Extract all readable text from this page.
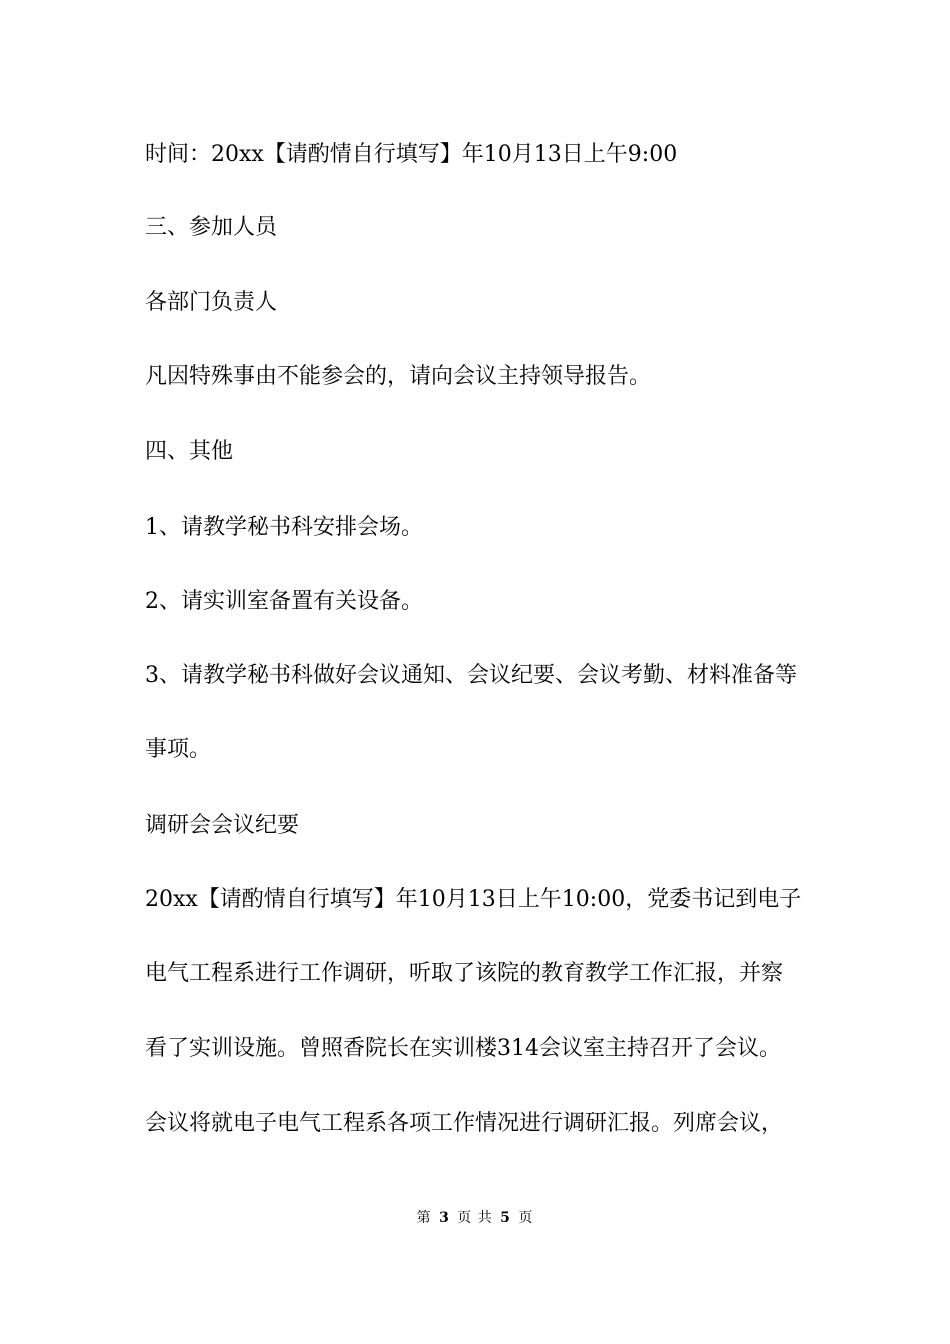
时间：20xx【请酌情自行填写】年10月13日上午9:00
三、参加人员
各部门负责人
凡因特殊事由不能参会的，请向会议主持领导报告。
四、其他
1、请教学秘书科安排会场。
2、请实训室备置有关设备。
3、请教学秘书科做好会议通知、会议纪要、会议考勤、材料准备等
事项。
调研会会议纪要
20xx【请酌情自行填写】年10月13日上午10:00，党委书记到电子
电气工程系进行工作调研，听取了该院的教育教学工作汇报，并察
看了实训设施。曾照香院长在实训楼314会议室主持召开了会议。
会议将就电子电气工程系各项工作情况进行调研汇报。列席会议，
第 3 页 共 5 页
